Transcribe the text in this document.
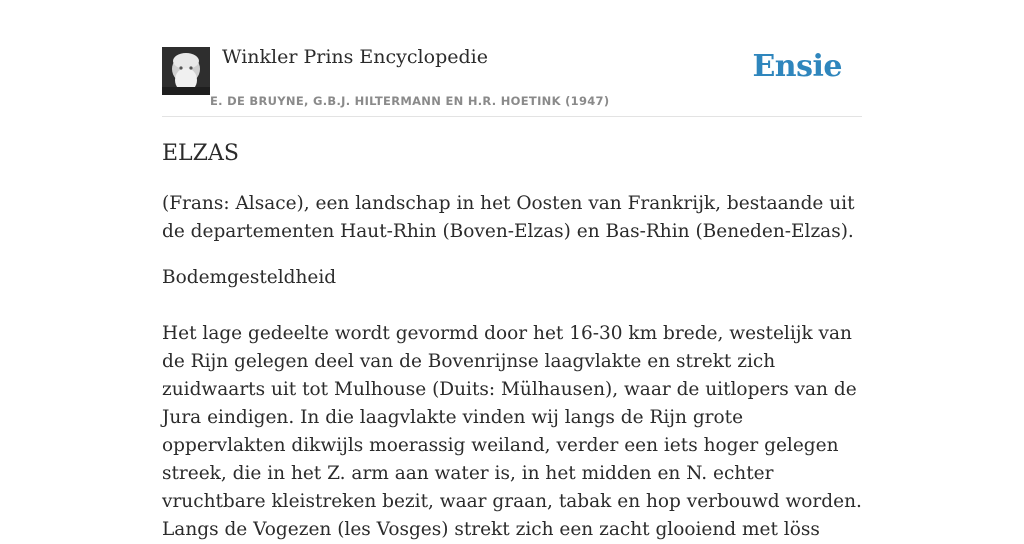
Winkler Prins Encyclopedie
E. DE BRUYNE, G.B.J. HILTERMANN EN H.R. HOETINK (1947)
Ensie
ELZAS

(Frans: Alsace), een landschap in het Oosten van Frankrijk, bestaande uit de departementen Haut-Rhin (Boven-Elzas) en Bas-Rhin (Beneden-Elzas).

Bodemgesteldheid

Het lage gedeelte wordt gevormd door het 16-30 km brede, westelijk van de Rijn gelegen deel van de Bovenrijnse laagvlakte en strekt zich zuidwaarts uit tot Mulhouse (Duits: Mülhausen), waar de uitlopers van de Jura eindigen. In die laagvlakte vinden wij langs de Rijn grote oppervlakten dikwijls moerassig weiland, verder een iets hoger gelegen streek, die in het Z. arm aan water is, in het midden en N. echter vruchtbare kleistreken bezit, waar graan, tabak en hop verbouwd worden. Langs de Vogezen (les Vosges) strekt zich een zacht glooiend met löss
